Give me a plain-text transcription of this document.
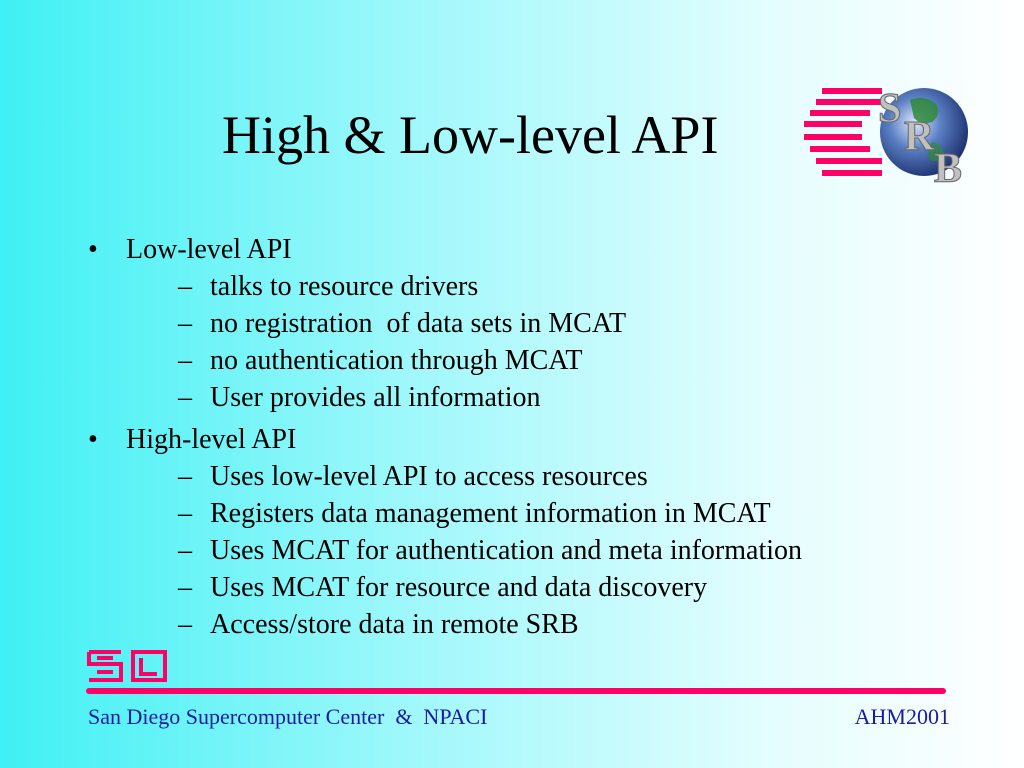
High & Low-level API	S
R
B
•	Low-level API
– talks to resource drivers
– no registration  of data sets in MCAT
– no authentication through MCAT
– User provides all information
•	High-level API
– Uses low-level API to access resources
– Registers data management information in MCAT
– Uses MCAT for authentication and meta information
– Uses MCAT for resource and data discovery
– Access/store data in remote SRB
San Diego Supercomputer Center  &  NPACI	AHM2001
